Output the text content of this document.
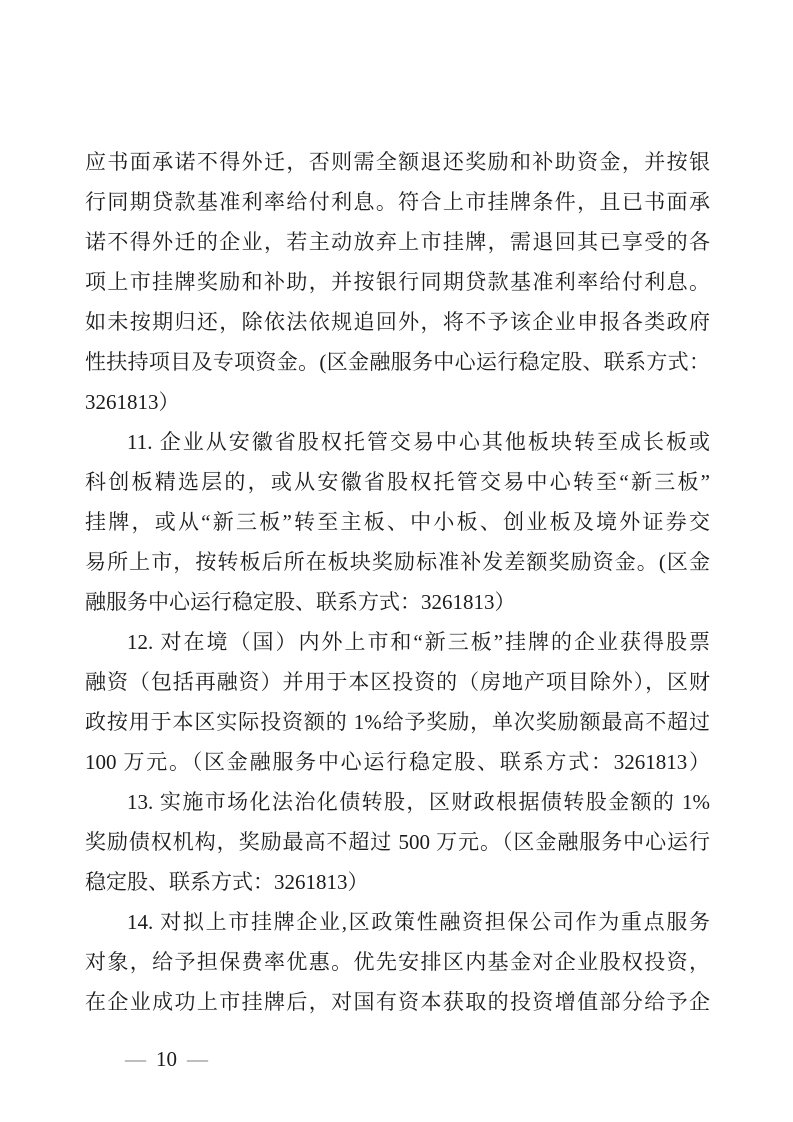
应书面承诺不得外迁，否则需全额退还奖励和补助资金，并按银
行同期贷款基准利率给付利息。符合上市挂牌条件，且已书面承
诺不得外迁的企业，若主动放弃上市挂牌，需退回其已享受的各
项上市挂牌奖励和补助，并按银行同期贷款基准利率给付利息。
如未按期归还，除依法依规追回外，将不予该企业申报各类政府
性扶持项目及专项资金。(区金融服务中心运行稳定股、联系方式：
3261813）
11. 企业从安徽省股权托管交易中心其他板块转至成长板或
科创板精选层的，或从安徽省股权托管交易中心转至“新三板”
挂牌，或从“新三板”转至主板、中小板、创业板及境外证券交
易所上市，按转板后所在板块奖励标准补发差额奖励资金。(区金
融服务中心运行稳定股、联系方式：3261813）
12. 对在境（国）内外上市和“新三板”挂牌的企业获得股票
融资（包括再融资）并用于本区投资的（房地产项目除外），区财
政按用于本区实际投资额的 1%给予奖励，单次奖励额最高不超过
100 万元。（区金融服务中心运行稳定股、联系方式：3261813）
13. 实施市场化法治化债转股，区财政根据债转股金额的 1%
奖励债权机构，奖励最高不超过 500 万元。（区金融服务中心运行
稳定股、联系方式：3261813）
14. 对拟上市挂牌企业,区政策性融资担保公司作为重点服务
对象，给予担保费率优惠。优先安排区内基金对企业股权投资，
在企业成功上市挂牌后，对国有资本获取的投资增值部分给予企

— 10 —
